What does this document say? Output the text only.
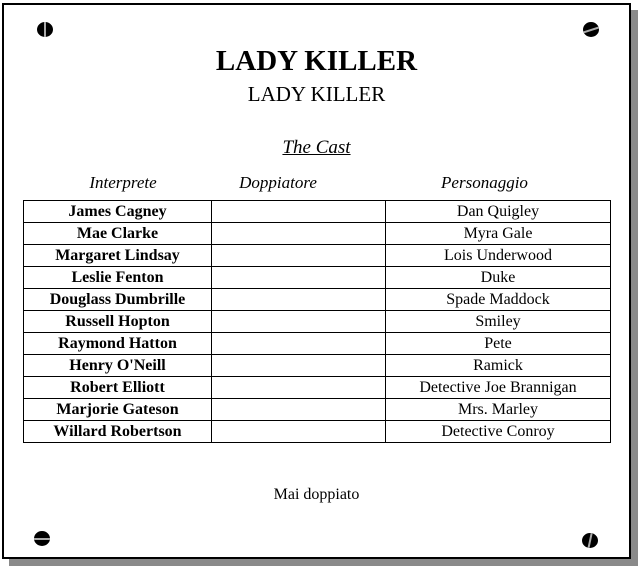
LADY KILLER
LADY KILLER
The Cast
Interprete	Doppiatore	Personaggio
James Cagney		Dan Quigley
Mae Clarke		Myra Gale
Margaret Lindsay		Lois Underwood
Leslie Fenton		Duke
Douglass Dumbrille		Spade Maddock
Russell Hopton		Smiley
Raymond Hatton		Pete
Henry O'Neill		Ramick
Robert Elliott		Detective Joe Brannigan
Marjorie Gateson		Mrs. Marley
Willard Robertson		Detective Conroy
Mai doppiato
